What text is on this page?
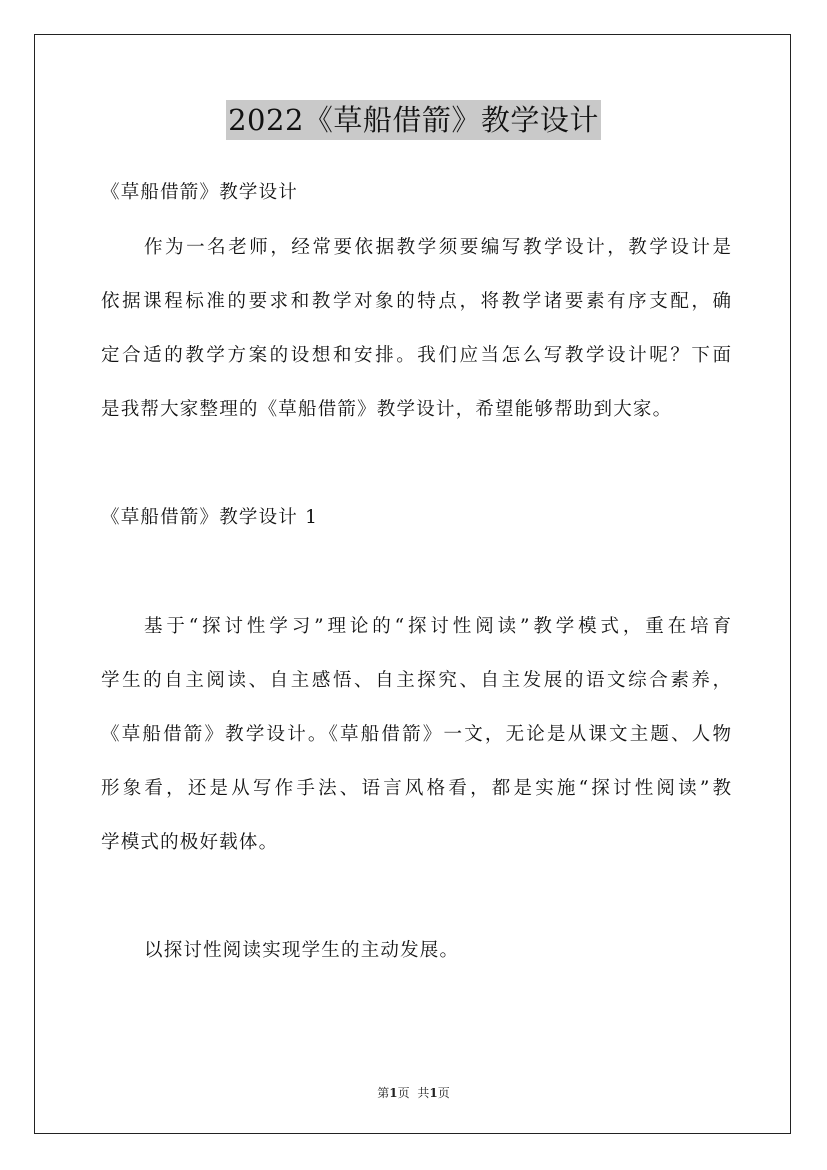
2022《草船借箭》教学设计
《草船借箭》教学设计
作为一名老师，经常要依据教学须要编写教学设计，教学设计是
依据课程标准的要求和教学对象的特点，将教学诸要素有序支配，确
定合适的教学方案的设想和安排。我们应当怎么写教学设计呢？下面
是我帮大家整理的《草船借箭》教学设计，希望能够帮助到大家。
《草船借箭》教学设计 1
基于“探讨性学习”理论的“探讨性阅读”教学模式，重在培育
学生的自主阅读、自主感悟、自主探究、自主发展的语文综合素养，
《草船借箭》教学设计。《草船借箭》一文，无论是从课文主题、人物
形象看，还是从写作手法、语言风格看，都是实施“探讨性阅读”教
学模式的极好载体。
以探讨性阅读实现学生的主动发展。
第1页 共1页
